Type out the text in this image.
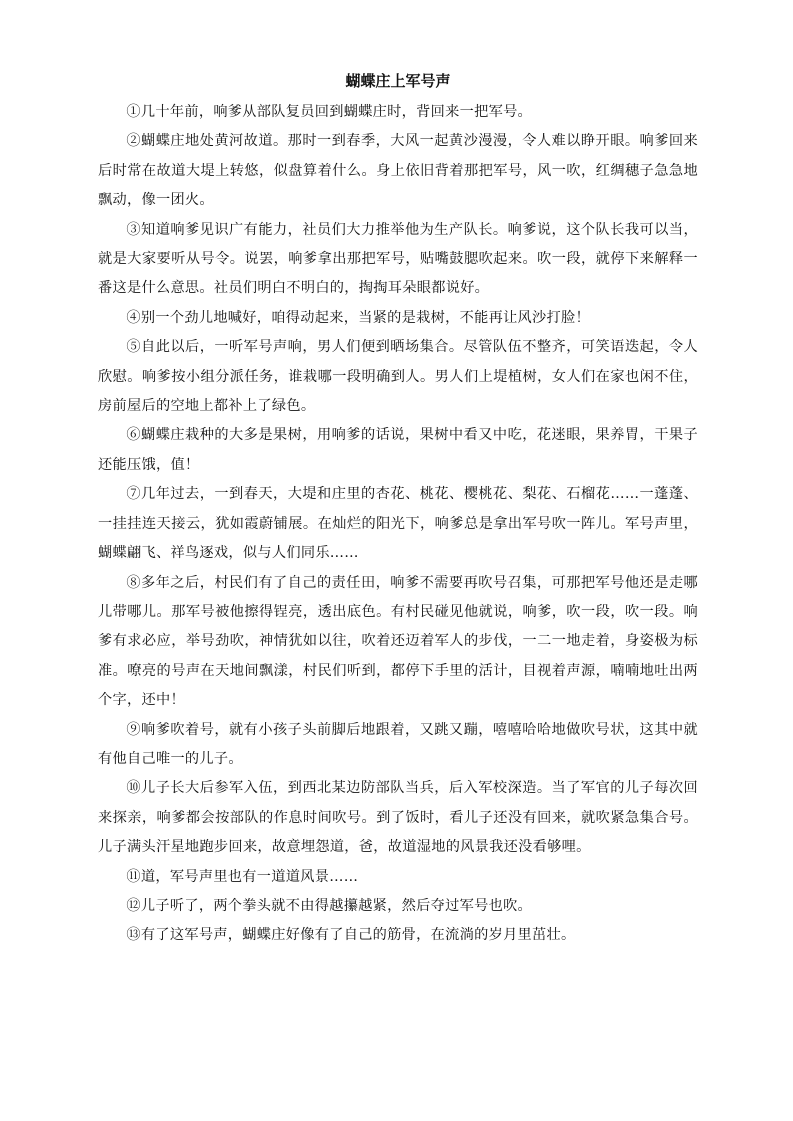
蝴蝶庄上军号声

①几十年前，响爹从部队复员回到蝴蝶庄时，背回来一把军号。

②蝴蝶庄地处黄河故道。那时一到春季，大风一起黄沙漫漫，令人难以睁开眼。响爹回来后时常在故道大堤上转悠，似盘算着什么。身上依旧背着那把军号，风一吹，红绸穗子急急地飘动，像一团火。

③知道响爹见识广有能力，社员们大力推举他为生产队长。响爹说，这个队长我可以当，就是大家要听从号令。说罢，响爹拿出那把军号，贴嘴鼓腮吹起来。吹一段，就停下来解释一番这是什么意思。社员们明白不明白的，掏掏耳朵眼都说好。

④别一个劲儿地喊好，咱得动起来，当紧的是栽树，不能再让风沙打脸！

⑤自此以后，一听军号声响，男人们便到晒场集合。尽管队伍不整齐，可笑语迭起，令人欣慰。响爹按小组分派任务，谁栽哪一段明确到人。男人们上堤植树，女人们在家也闲不住，房前屋后的空地上都补上了绿色。

⑥蝴蝶庄栽种的大多是果树，用响爹的话说，果树中看又中吃，花迷眼，果养胃，干果子还能压饿，值！

⑦几年过去，一到春天，大堤和庄里的杏花、桃花、樱桃花、梨花、石榴花……一蓬蓬、一挂挂连天接云，犹如霞蔚铺展。在灿烂的阳光下，响爹总是拿出军号吹一阵儿。军号声里，蝴蝶翩飞、祥鸟逐戏，似与人们同乐……

⑧多年之后，村民们有了自己的责任田，响爹不需要再吹号召集，可那把军号他还是走哪儿带哪儿。那军号被他擦得锃亮，透出底色。有村民碰见他就说，响爹，吹一段，吹一段。响爹有求必应，举号劲吹，神情犹如以往，吹着还迈着军人的步伐，一二一地走着，身姿极为标准。嘹亮的号声在天地间飘漾，村民们听到，都停下手里的活计，目视着声源，喃喃地吐出两个字，还中！

⑨响爹吹着号，就有小孩子头前脚后地跟着，又跳又蹦，嘻嘻哈哈地做吹号状，这其中就有他自己唯一的儿子。

⑩儿子长大后参军入伍，到西北某边防部队当兵，后入军校深造。当了军官的儿子每次回来探亲，响爹都会按部队的作息时间吹号。到了饭时，看儿子还没有回来，就吹紧急集合号。儿子满头汗星地跑步回来，故意埋怨道，爸，故道湿地的风景我还没看够哩。

⑪道，军号声里也有一道道风景……

⑫儿子听了，两个拳头就不由得越攥越紧，然后夺过军号也吹。

⑬有了这军号声，蝴蝶庄好像有了自己的筋骨，在流淌的岁月里茁壮。
